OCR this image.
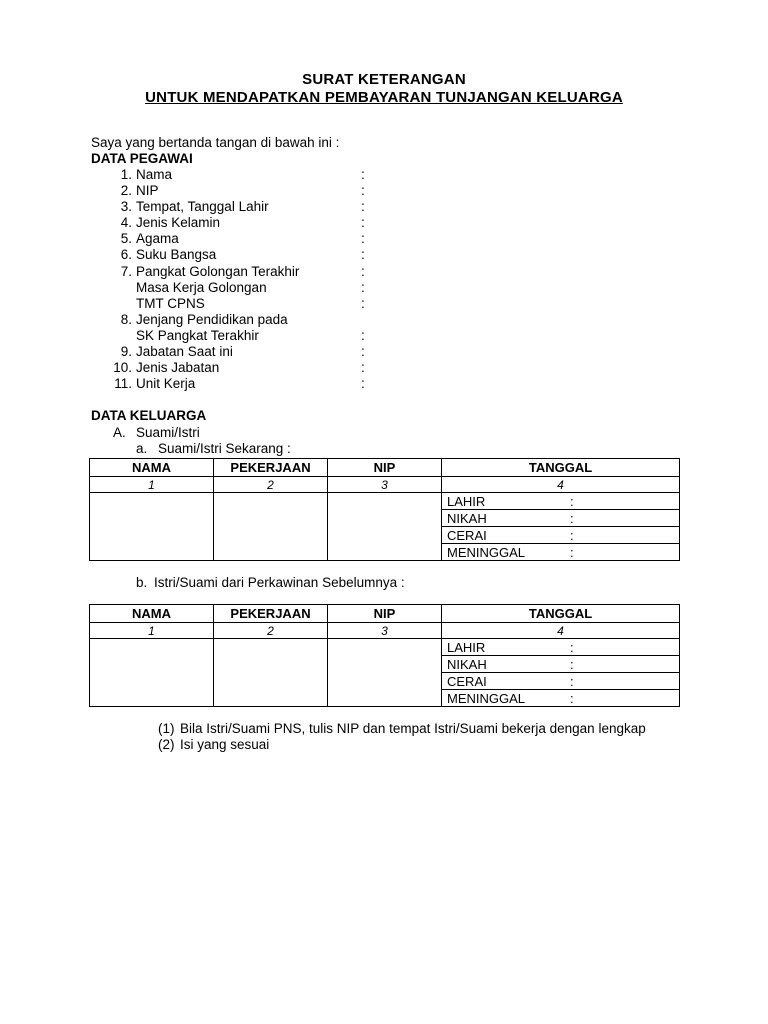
SURAT KETERANGAN
UNTUK MENDAPATKAN PEMBAYARAN TUNJANGAN KELUARGA
Saya yang bertanda tangan di bawah ini :
DATA PEGAWAI
1. Nama	:
2. NIP	:
3. Tempat, Tanggal Lahir	:
4. Jenis Kelamin	:
5. Agama	:
6. Suku Bangsa	:
7. Pangkat Golongan Terakhir	:
Masa Kerja Golongan	:
TMT CPNS	:
8. Jenjang Pendidikan pada
SK Pangkat Terakhir	:
9. Jabatan Saat ini	:
10. Jenis Jabatan	:
11. Unit Kerja	:
DATA KELUARGA
A. Suami/Istri
a. Suami/Istri Sekarang :
NAMA	PEKERJAAN	NIP	TANGGAL
1	2	3	4
			LAHIR :

			NIKAH :

			CERAI :

			MENINGGAL :
b. Istri/Suami dari Perkawinan Sebelumnya :
NAMA	PEKERJAAN	NIP	TANGGAL
1	2	3	4
			LAHIR :

			NIKAH :

			CERAI :

			MENINGGAL :
(1) Bila Istri/Suami PNS, tulis NIP dan tempat Istri/Suami bekerja dengan lengkap
(2) Isi yang sesuai
